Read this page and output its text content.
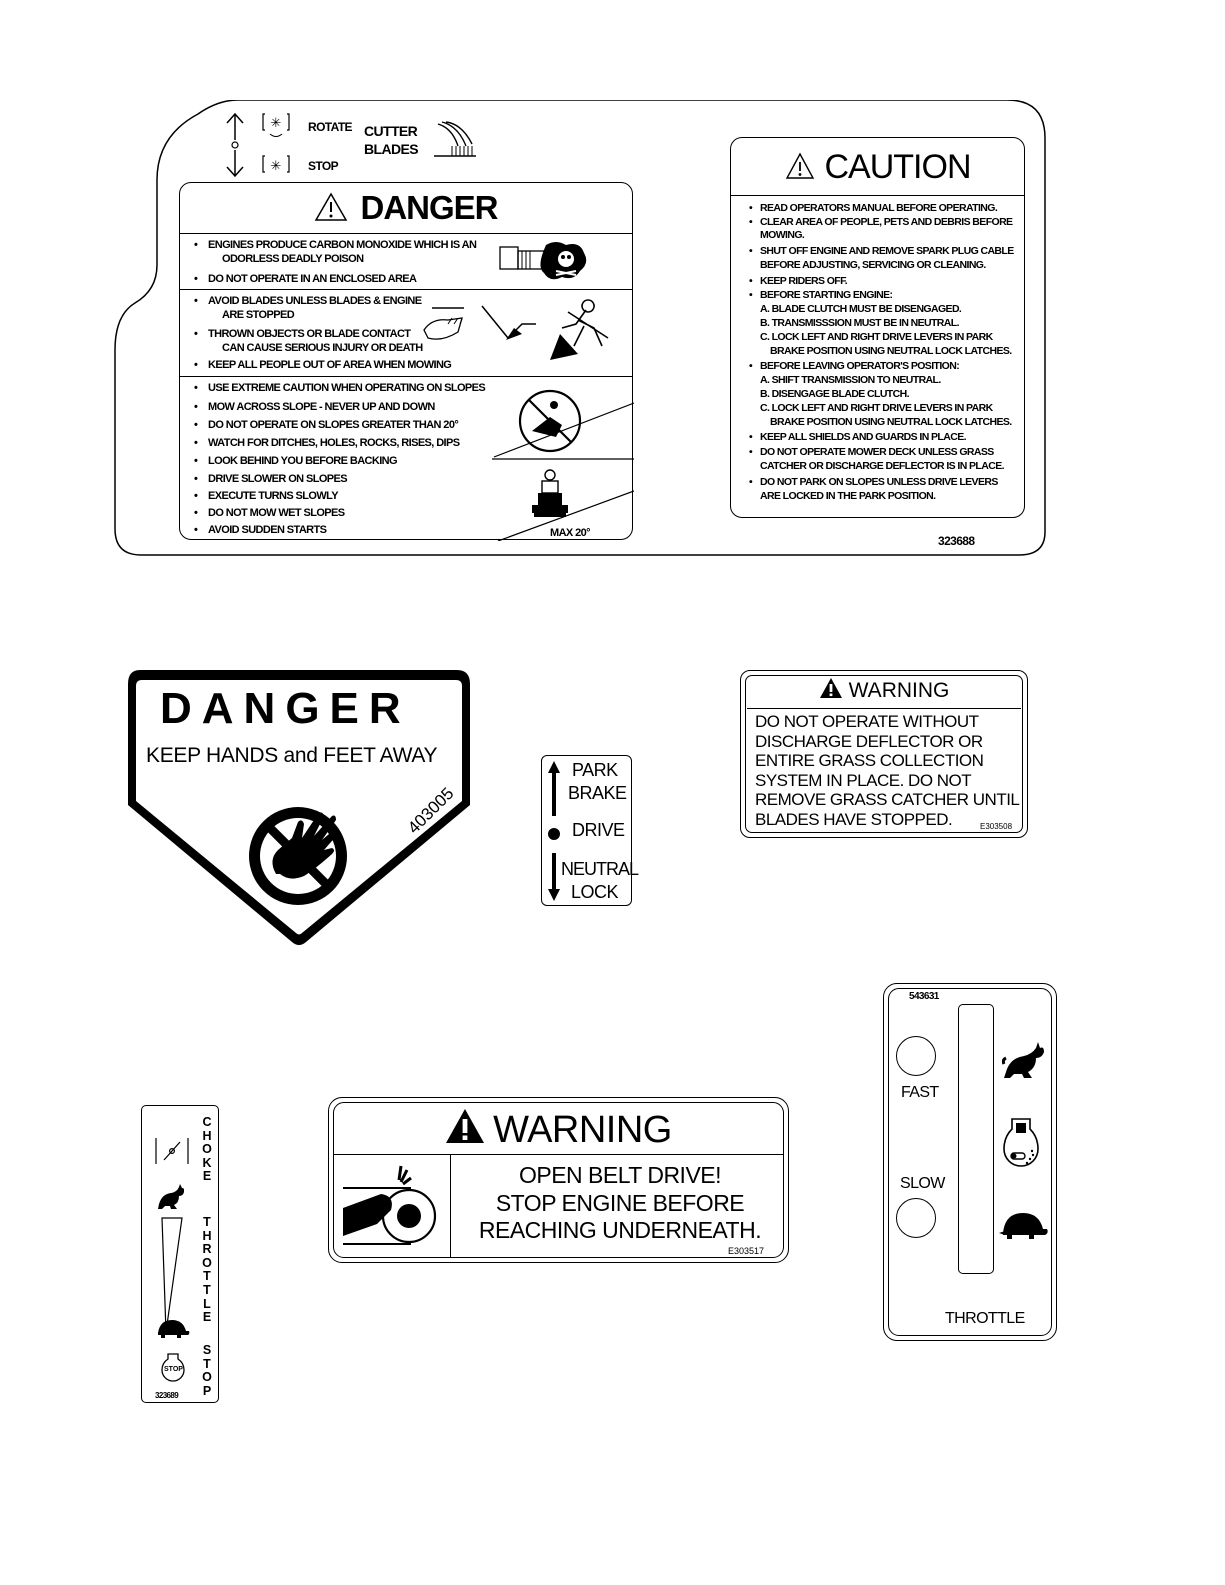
✳
✳
ROTATE
STOP
CUTTER
BLADES
DANGER
• ENGINES PRODUCE CARBON MONOXIDE WHICH IS AN
ODORLESS DEADLY POISON
• DO NOT OPERATE IN AN ENCLOSED AREA
• AVOID BLADES UNLESS BLADES & ENGINE
ARE STOPPED
• THROWN OBJECTS OR BLADE CONTACT
CAN CAUSE SERIOUS INJURY OR DEATH
• KEEP ALL PEOPLE OUT OF AREA WHEN MOWING
• USE EXTREME CAUTION WHEN OPERATING ON SLOPES
• MOW ACROSS SLOPE - NEVER UP AND DOWN
• DO NOT OPERATE ON SLOPES GREATER THAN 20°
• WATCH FOR DITCHES, HOLES, ROCKS, RISES, DIPS
• LOOK BEHIND YOU BEFORE BACKING
• DRIVE SLOWER ON SLOPES
• EXECUTE TURNS SLOWLY
• DO NOT MOW WET SLOPES
• AVOID SUDDEN STARTS	MAX 20°
CAUTION
• READ OPERATORS MANUAL BEFORE OPERATING.
• CLEAR AREA OF PEOPLE, PETS AND DEBRIS BEFORE
MOWING.
• SHUT OFF ENGINE AND REMOVE SPARK PLUG CABLE
BEFORE ADJUSTING, SERVICING OR CLEANING.
• KEEP RIDERS OFF.
• BEFORE STARTING ENGINE:
A. BLADE CLUTCH MUST BE DISENGAGED.
B. TRANSMISSSION MUST BE IN NEUTRAL.
C. LOCK LEFT AND RIGHT DRIVE LEVERS IN PARK
BRAKE POSITION USING NEUTRAL LOCK LATCHES.
• BEFORE LEAVING OPERATOR'S POSITION:
A. SHIFT TRANSMISSION TO NEUTRAL.
B. DISENGAGE BLADE CLUTCH.
C. LOCK LEFT AND RIGHT DRIVE LEVERS IN PARK
BRAKE POSITION USING NEUTRAL LOCK LATCHES.
• KEEP ALL SHIELDS AND GUARDS IN PLACE.
• DO NOT OPERATE MOWER DECK UNLESS GRASS
CATCHER OR DISCHARGE DEFLECTOR IS IN PLACE.
• DO NOT PARK ON SLOPES UNLESS DRIVE LEVERS
ARE LOCKED IN THE PARK POSITION.
323688
DANGER
KEEP HANDS and FEET AWAY
403005
PARK
BRAKE
DRIVE
NEUTRAL
LOCK
WARNING
DO NOT OPERATE WITHOUT
DISCHARGE DEFLECTOR OR
ENTIRE GRASS COLLECTION
SYSTEM IN PLACE. DO NOT
REMOVE GRASS CATCHER UNTIL
BLADES HAVE STOPPED.	E303508
WARNING
OPEN BELT DRIVE!
STOP ENGINE BEFORE
REACHING UNDERNEATH.
E303517
543631
FAST
SLOW
THROTTLE
STOP
323689
C
H
O
K
E
T
H
R
O
T
T
L
E
S
T
O
P
